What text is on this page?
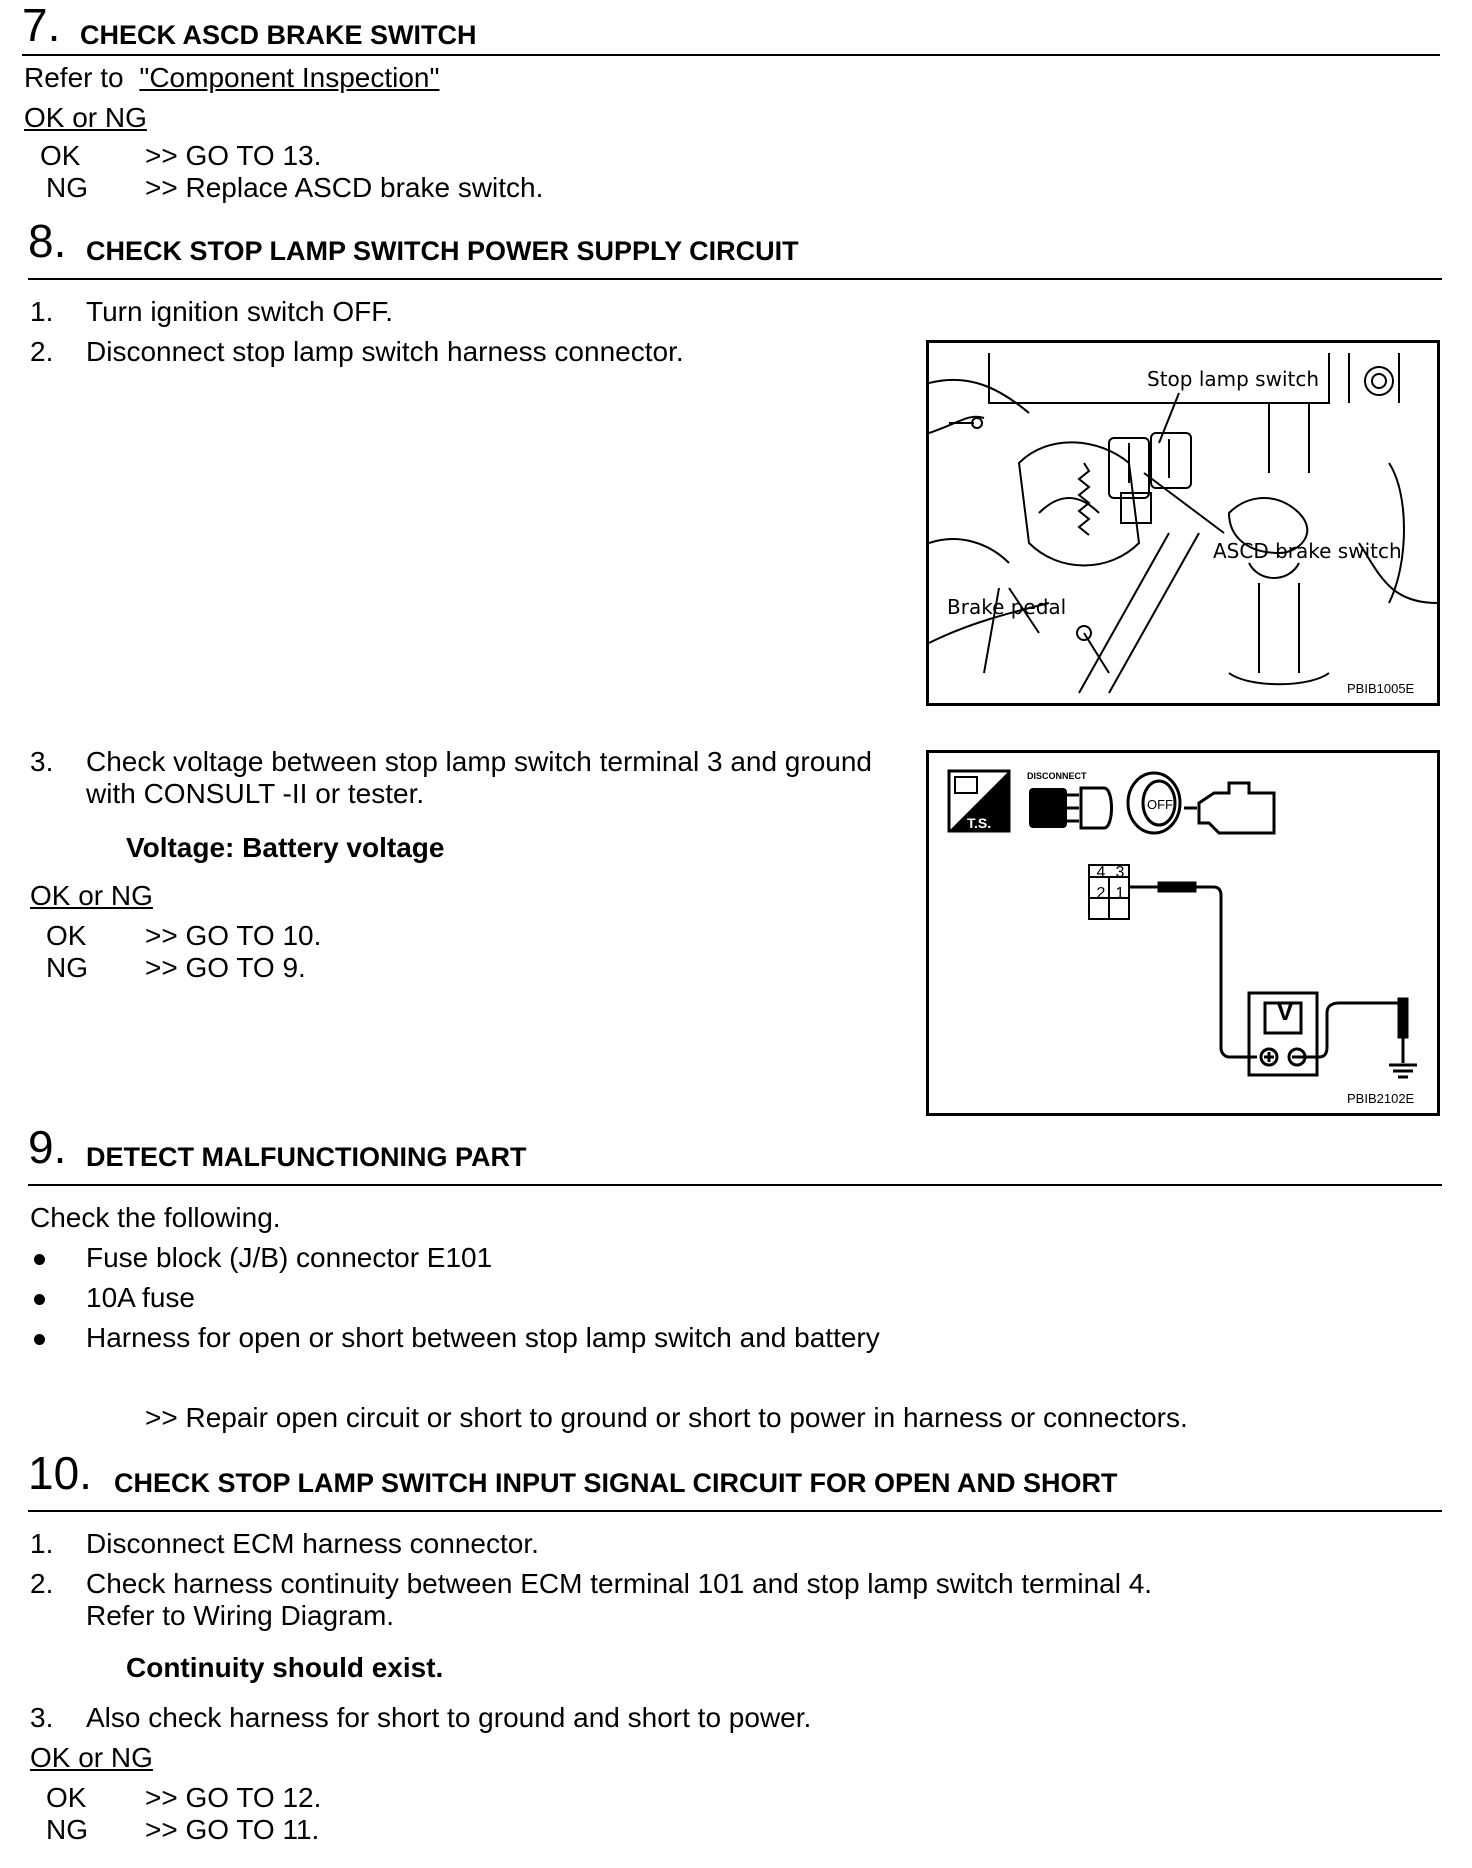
7. CHECK ASCD BRAKE SWITCH
Refer to "Component Inspection"
OK or NG
OK >> GO TO 13.
NG >> Replace ASCD brake switch.
8. CHECK STOP LAMP SWITCH POWER SUPPLY CIRCUIT
1. Turn ignition switch OFF.
2. Disconnect stop lamp switch harness connector.
Stop lamp switch
ASCD brake switch
Brake pedal
PBIB1005E
3. Check voltage between stop lamp switch terminal 3 and ground
with CONSULT -II or tester.
Voltage: Battery voltage
OK or NG
OK >> GO TO 10.
NG >> GO TO 9.
T.S.
DISCONNECT
OFF
4 3
2 1
V
PBIB2102E
9. DETECT MALFUNCTIONING PART
Check the following.
Fuse block (J/B) connector E101
10A fuse
Harness for open or short between stop lamp switch and battery
>> Repair open circuit or short to ground or short to power in harness or connectors.
10. CHECK STOP LAMP SWITCH INPUT SIGNAL CIRCUIT FOR OPEN AND SHORT
1. Disconnect ECM harness connector.
2. Check harness continuity between ECM terminal 101 and stop lamp switch terminal 4.
Refer to Wiring Diagram.
Continuity should exist.
3. Also check harness for short to ground and short to power.
OK or NG
OK >> GO TO 12.
NG >> GO TO 11.
